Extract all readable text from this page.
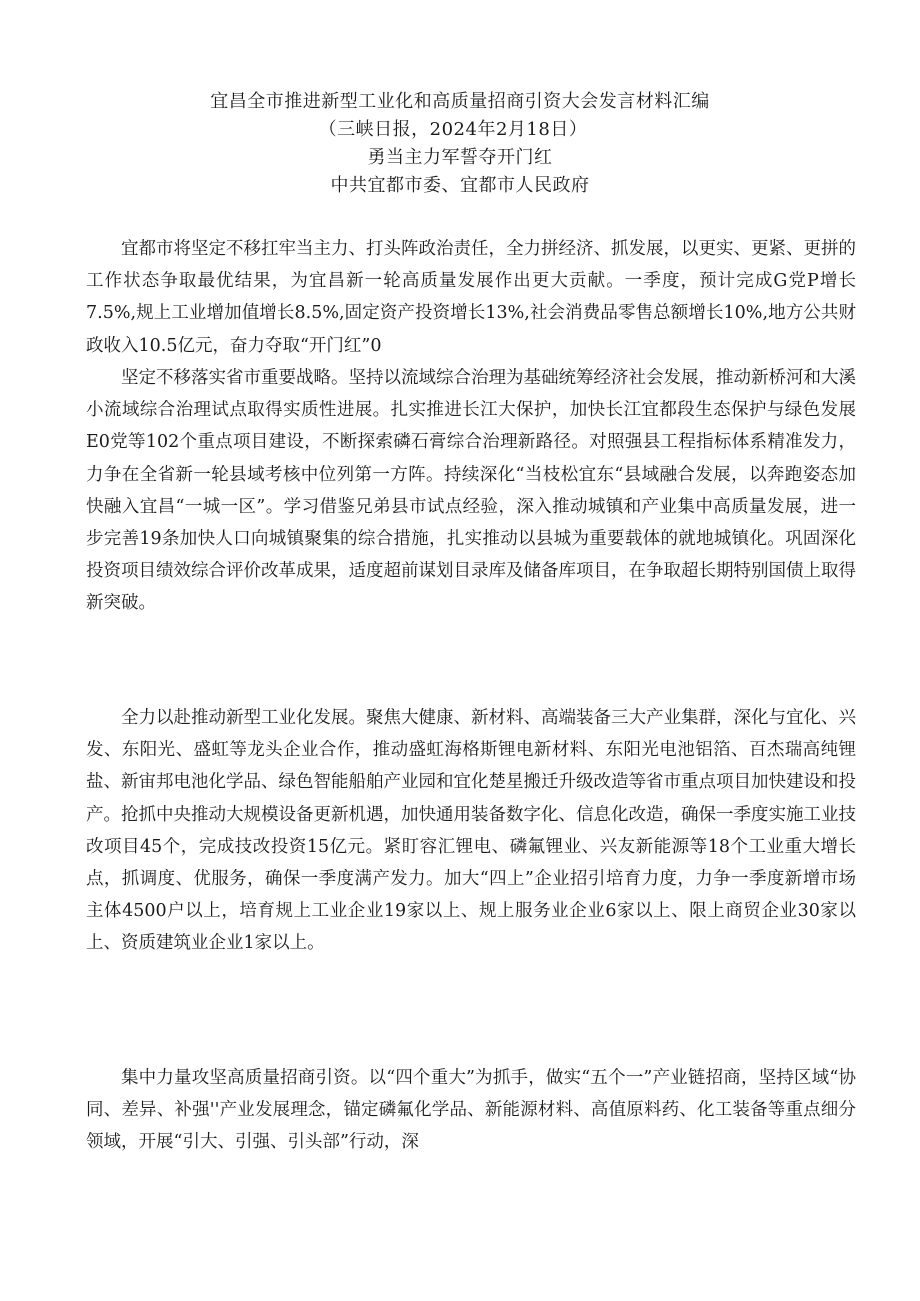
宜昌全市推进新型工业化和高质量招商引资大会发言材料汇编
（三峡日报，2024年2月18日）
勇当主力军誓夺开门红
中共宜都市委、宜都市人民政府

宜都市将坚定不移扛牢当主力、打头阵政治责任，全力拼经济、抓发展，以更实、更紧、更拼的工作状态争取最优结果，为宜昌新一轮高质量发展作出更大贡献。一季度，预计完成G党P增长7.5%,规上工业增加值增长8.5%,固定资产投资增长13%,社会消费品零售总额增长10%,地方公共财政收入10.5亿元，奋力夺取“开门红”0

坚定不移落实省市重要战略。坚持以流域综合治理为基础统筹经济社会发展，推动新桥河和大溪小流域综合治理试点取得实质性进展。扎实推进长江大保护，加快长江宜都段生态保护与绿色发展E0党等102个重点项目建设，不断探索磷石膏综合治理新路径。对照强县工程指标体系精准发力，力争在全省新一轮县域考核中位列第一方阵。持续深化“当枝松宜东“县域融合发展，以奔跑姿态加快融入宜昌“一城一区”。学习借鉴兄弟县市试点经验，深入推动城镇和产业集中高质量发展，进一步完善19条加快人口向城镇聚集的综合措施，扎实推动以县城为重要载体的就地城镇化。巩固深化投资项目绩效综合评价改革成果，适度超前谋划目录库及储备库项目，在争取超长期特别国债上取得新突破。

全力以赴推动新型工业化发展。聚焦大健康、新材料、高端装备三大产业集群，深化与宜化、兴发、东阳光、盛虹等龙头企业合作，推动盛虹海格斯锂电新材料、东阳光电池铝箔、百杰瑞高纯锂盐、新宙邦电池化学品、绿色智能船舶产业园和宜化楚星搬迁升级改造等省市重点项目加快建设和投产。抢抓中央推动大规模设备更新机遇，加快通用装备数字化、信息化改造，确保一季度实施工业技改项目45个，完成技改投资15亿元。紧盯容汇锂电、磷氟锂业、兴友新能源等18个工业重大增长点，抓调度、优服务，确保一季度满产发力。加大“四上”企业招引培育力度，力争一季度新增市场主体4500户以上，培育规上工业企业19家以上、规上服务业企业6家以上、限上商贸企业30家以上、资质建筑业企业1家以上。

集中力量攻坚高质量招商引资。以“四个重大”为抓手，做实“五个一”产业链招商，坚持区域“协同、差异、补强''产业发展理念，锚定磷氟化学品、新能源材料、高值原料药、化工装备等重点细分领域，开展“引大、引强、引头部”行动，深
